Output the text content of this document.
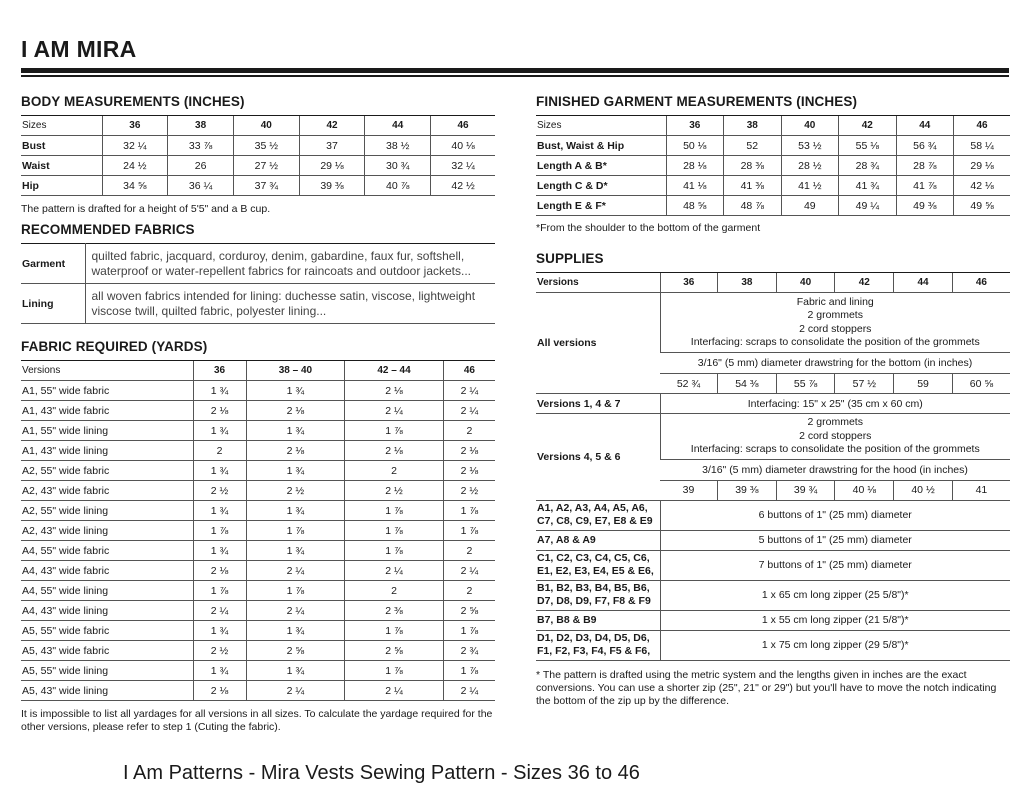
I AM MIRA
BODY MEASUREMENTS (INCHES)
Sizes	36	38	40	42	44	46
Bust	32 ¼	33 ⅞	35 ½	37	38 ½	40 ⅛
Waist	24 ½	26	27 ½	29 ⅛	30 ¾	32 ¼
Hip	34 ⅝	36 ¼	37 ¾	39 ⅜	40 ⅞	42 ½

The pattern is drafted for a height of 5'5" and a B cup.

RECOMMENDED FABRICS
Garment	quilted fabric, jacquard, corduroy, denim, gabardine, faux fur, softshell, waterproof or water-repellent fabrics for raincoats and outdoor jackets...
Lining	all woven fabrics intended for lining: duchesse satin, viscose, lightweight viscose twill, quilted fabric, polyester lining...
FABRIC REQUIRED (YARDS)
Versions	36	38 – 40	42 – 44	46
A1, 55" wide fabric	1 ¾	1 ¾	2 ⅛	2 ¼
A1, 43" wide fabric	2 ⅛	2 ⅛	2 ¼	2 ¼
A1, 55" wide lining	1 ¾	1 ¾	1 ⅞	2
A1, 43" wide lining	2	2 ⅛	2 ⅛	2 ⅛
A2, 55" wide fabric	1 ¾	1 ¾	2	2 ⅛
A2, 43" wide fabric	2 ½	2 ½	2 ½	2 ½
A2, 55" wide lining	1 ¾	1 ¾	1 ⅞	1 ⅞
A2, 43" wide lining	1 ⅞	1 ⅞	1 ⅞	1 ⅞
A4, 55" wide fabric	1 ¾	1 ¾	1 ⅞	2
A4, 43" wide fabric	2 ⅛	2 ¼	2 ¼	2 ¼
A4, 55" wide lining	1 ⅞	1 ⅞	2	2
A4, 43" wide lining	2 ¼	2 ¼	2 ⅜	2 ⅝
A5, 55" wide fabric	1 ¾	1 ¾	1 ⅞	1 ⅞
A5, 43" wide fabric	2 ½	2 ⅝	2 ⅝	2 ¾
A5, 55" wide lining	1 ¾	1 ¾	1 ⅞	1 ⅞
A5, 43" wide lining	2 ⅛	2 ¼	2 ¼	2 ¼

It is impossible to list all yardages for all versions in all sizes. To calculate the yardage required for the other versions, please refer to step 1 (Cuting the fabric).

FINISHED GARMENT MEASUREMENTS (INCHES)
Sizes	36	38	40	42	44	46
Bust, Waist & Hip	50 ⅛	52	53 ½	55 ⅛	56 ¾	58 ¼
Length A & B*	28 ⅛	28 ⅜	28 ½	28 ¾	28 ⅞	29 ⅛
Length C & D*	41 ⅛	41 ⅜	41 ½	41 ¾	41 ⅞	42 ⅛
Length E & F*	48 ⅝	48 ⅞	49	49 ¼	49 ⅜	49 ⅝

*From the shoulder to the bottom of the garment

SUPPLIES
Versions	36	38	40	42	44	46
All versions	Fabric and lining
2 grommets
2 cord stoppers
Interfacing: scraps to consolidate the position of the grommets					

	3/16" (5 mm) diameter drawstring for the bottom (in inches)					
	52 ¾	54 ⅜	55 ⅞	57 ½	59	60 ⅝
Versions 1, 4 & 7	Interfacing: 15" x 25" (35 cm x 60 cm)					
Versions 4, 5 & 6	2 grommets
2 cord stoppers
Interfacing: scraps to consolidate the position of the grommets					

	3/16" (5 mm) diameter drawstring for the hood (in inches)					
	39	39 ⅜	39 ¾	40 ⅛	40 ½	41
A1, A2, A3, A4, A5, A6, C7, C8, C9, E7, E8 & E9	6 buttons of 1" (25 mm) diameter					
A7, A8 & A9	5 buttons of 1" (25 mm) diameter					
C1, C2, C3, C4, C5, C6, E1, E2, E3, E4, E5 & E6,	7 buttons of 1" (25 mm) diameter					
B1, B2, B3, B4, B5, B6, D7, D8, D9, F7, F8 & F9	1 x 65 cm long zipper (25 5/8")*					
B7, B8 & B9	1 x 55 cm long zipper (21 5/8")*					
D1, D2, D3, D4, D5, D6, F1, F2, F3, F4, F5 & F6,	1 x 75 cm long zipper (29 5/8")*					

* The pattern is drafted using the metric system and the lengths given in inches are the exact conversions. You can use a shorter zip (25", 21" or 29") but you'll have to move the notch indicating the bottom of the zip up by the difference.

I Am Patterns - Mira Vests Sewing Pattern - Sizes 36 to 46
